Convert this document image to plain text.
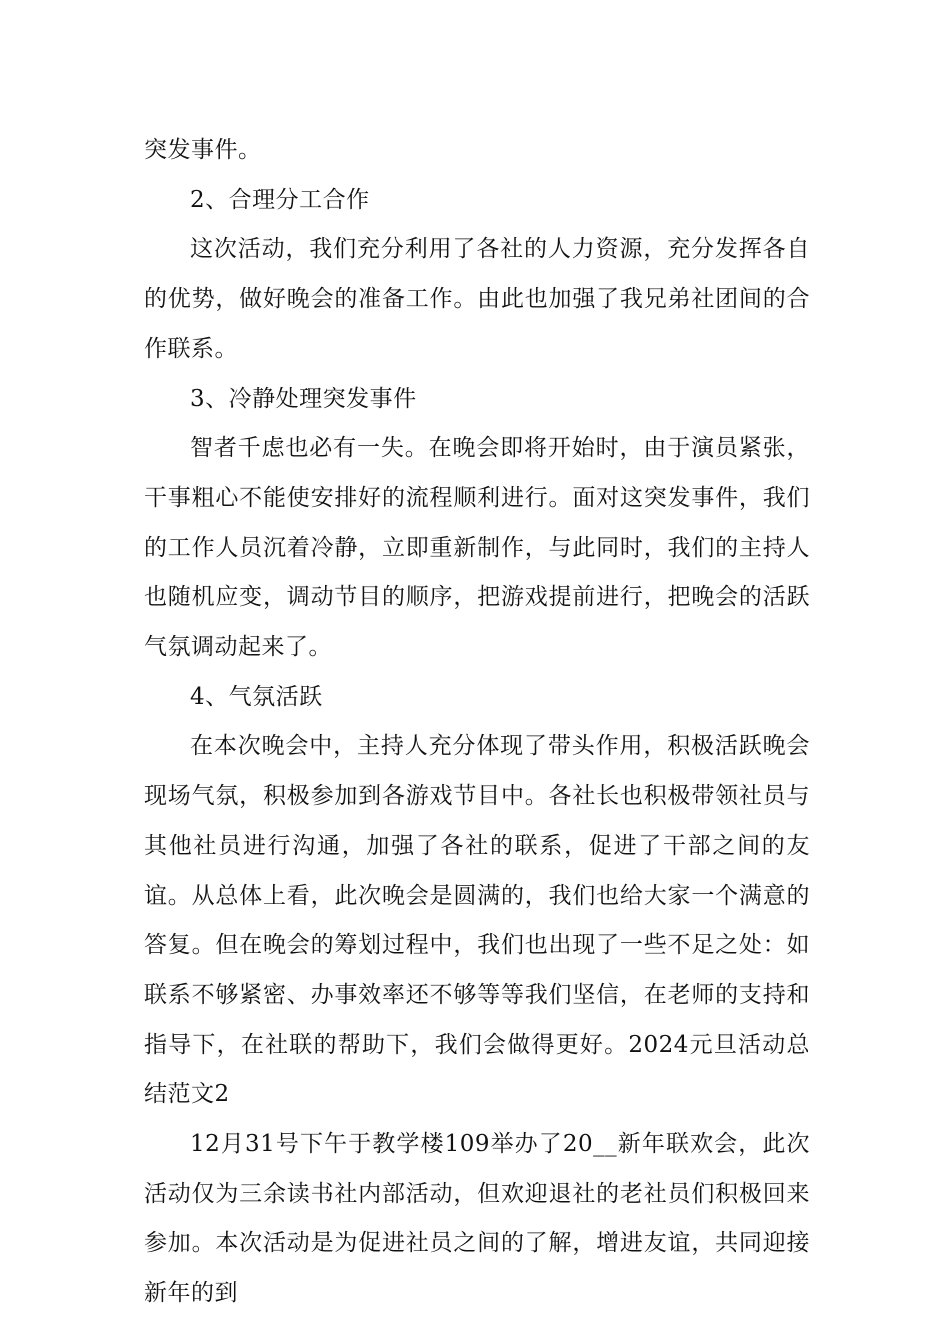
突发事件。

2、合理分工合作

这次活动，我们充分利用了各社的人力资源，充分发挥各自的优势，做好晚会的准备工作。由此也加强了我兄弟社团间的合作联系。

3、冷静处理突发事件

智者千虑也必有一失。在晚会即将开始时，由于演员紧张，干事粗心不能使安排好的流程顺利进行。面对这突发事件，我们的工作人员沉着冷静，立即重新制作，与此同时，我们的主持人也随机应变，调动节目的顺序，把游戏提前进行，把晚会的活跃气氛调动起来了。

4、气氛活跃

在本次晚会中，主持人充分体现了带头作用，积极活跃晚会现场气氛，积极参加到各游戏节目中。各社长也积极带领社员与其他社员进行沟通，加强了各社的联系，促进了干部之间的友谊。从总体上看，此次晚会是圆满的，我们也给大家一个满意的答复。但在晚会的筹划过程中，我们也出现了一些不足之处：如联系不够紧密、办事效率还不够等等我们坚信，在老师的支持和指导下，在社联的帮助下，我们会做得更好。2024元旦活动总结范文2

12月31号下午于教学楼109举办了20__新年联欢会，此次活动仅为三余读书社内部活动，但欢迎退社的老社员们积极回来参加。本次活动是为促进社员之间的了解，增进友谊，共同迎接新年的到
